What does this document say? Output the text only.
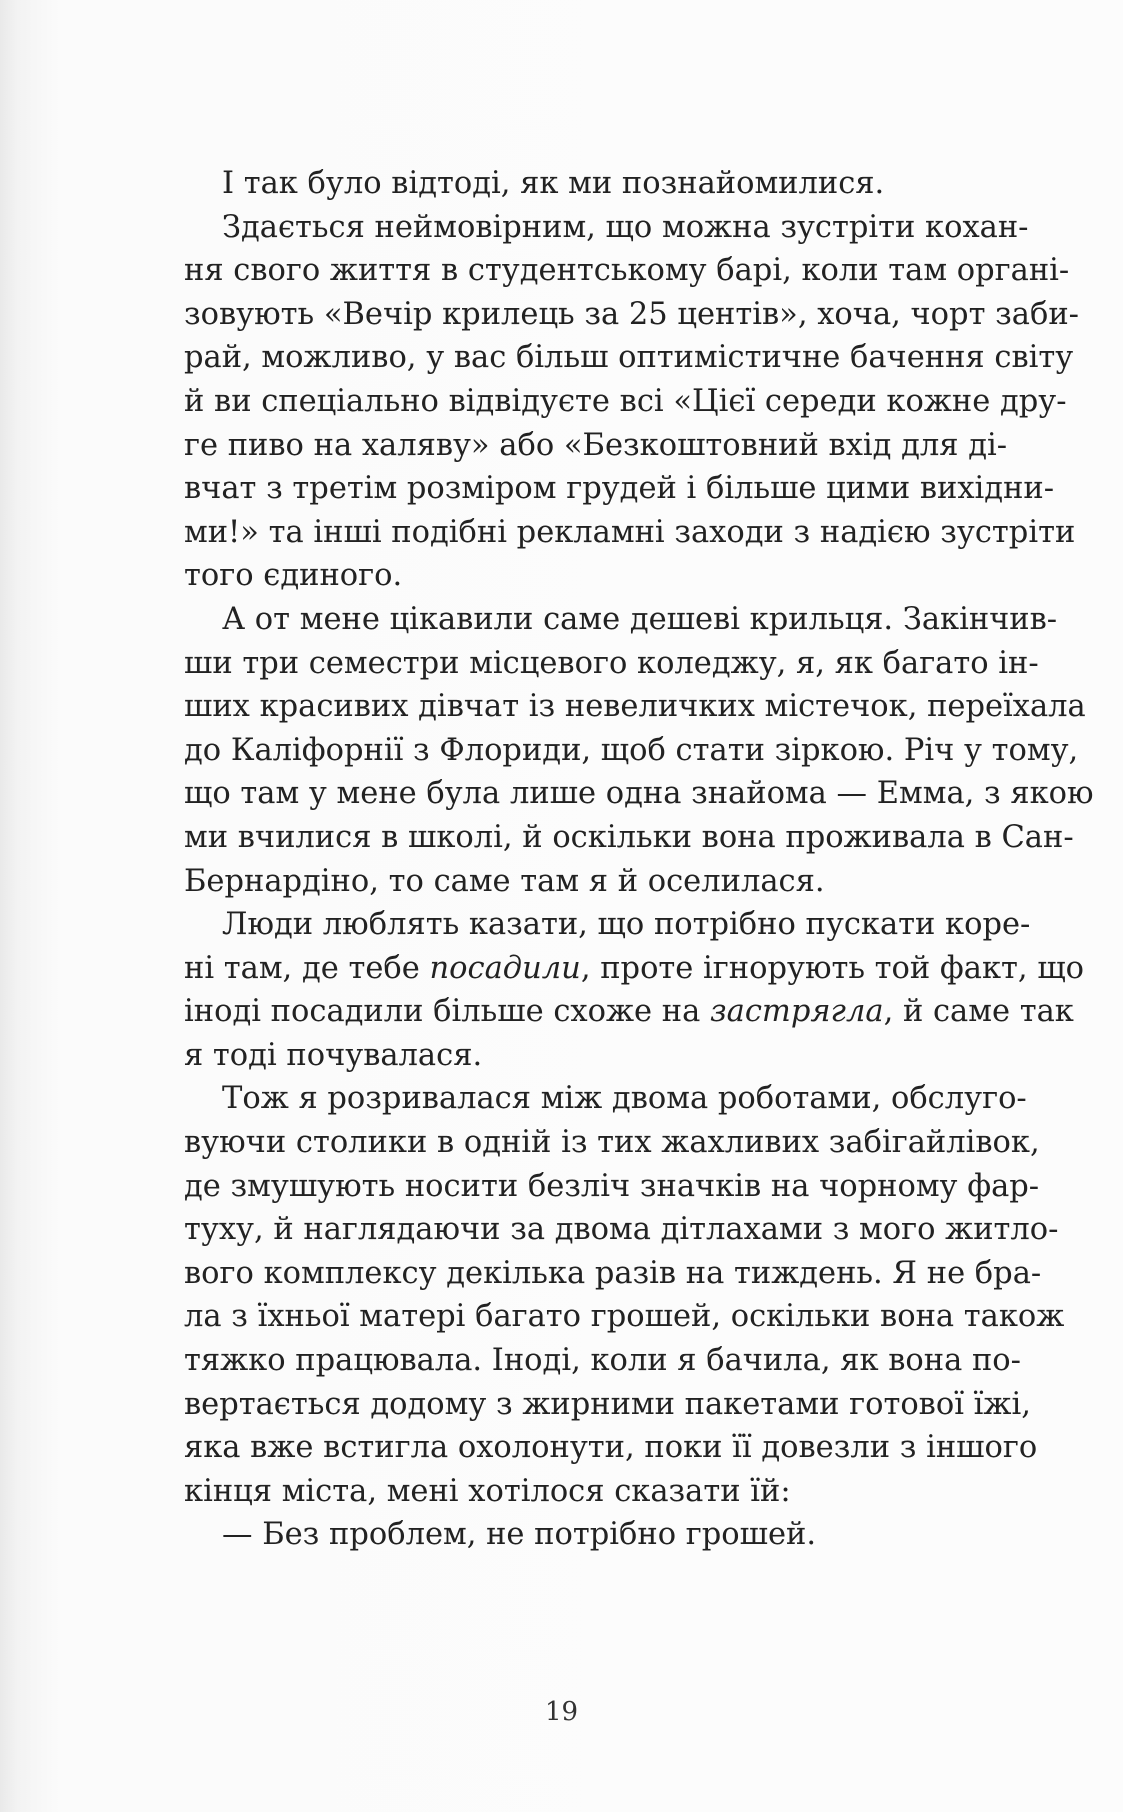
І так було відтоді, як ми познайомилися.
Здається неймовірним, що можна зустріти кохан-
ня свого життя в студентському барі, коли там органі-
зовують «Вечір крилець за 25 центів», хоча, чорт заби-
рай, можливо, у вас більш оптимістичне бачення світу
й ви спеціально відвідуєте всі «Цієї середи кожне дру-
ге пиво на халяву» або «Безкоштовний вхід для ді-
вчат з третім розміром грудей і більше цими вихідни-
ми!» та інші подібні рекламні заходи з надією зустріти
того єдиного.
А от мене цікавили саме дешеві крильця. Закінчив-
ши три семестри місцевого коледжу, я, як багато ін-
ших красивих дівчат із невеличких містечок, переїхала
до Каліфорнії з Флориди, щоб стати зіркою. Річ у тому,
що там у мене була лише одна знайома — Емма, з якою
ми вчилися в школі, й оскільки вона проживала в Сан-
Бернардіно, то саме там я й оселилася.
Люди люблять казати, що потрібно пускати коре-
ні там, де тебе посадили, проте ігнорують той факт, що
іноді посадили більше схоже на застрягла, й саме так
я тоді почувалася.
Тож я розривалася між двома роботами, обслуго-
вуючи столики в одній із тих жахливих забігайлівок,
де змушують носити безліч значків на чорному фар-
туху, й наглядаючи за двома дітлахами з мого житло-
вого комплексу декілька разів на тиждень. Я не бра-
ла з їхньої матері багато грошей, оскільки вона також
тяжко працювала. Іноді, коли я бачила, як вона по-
вертається додому з жирними пакетами готової їжі,
яка вже встигла охолонути, поки її довезли з іншого
кінця міста, мені хотілося сказати їй:
— Без проблем, не потрібно грошей.
19
